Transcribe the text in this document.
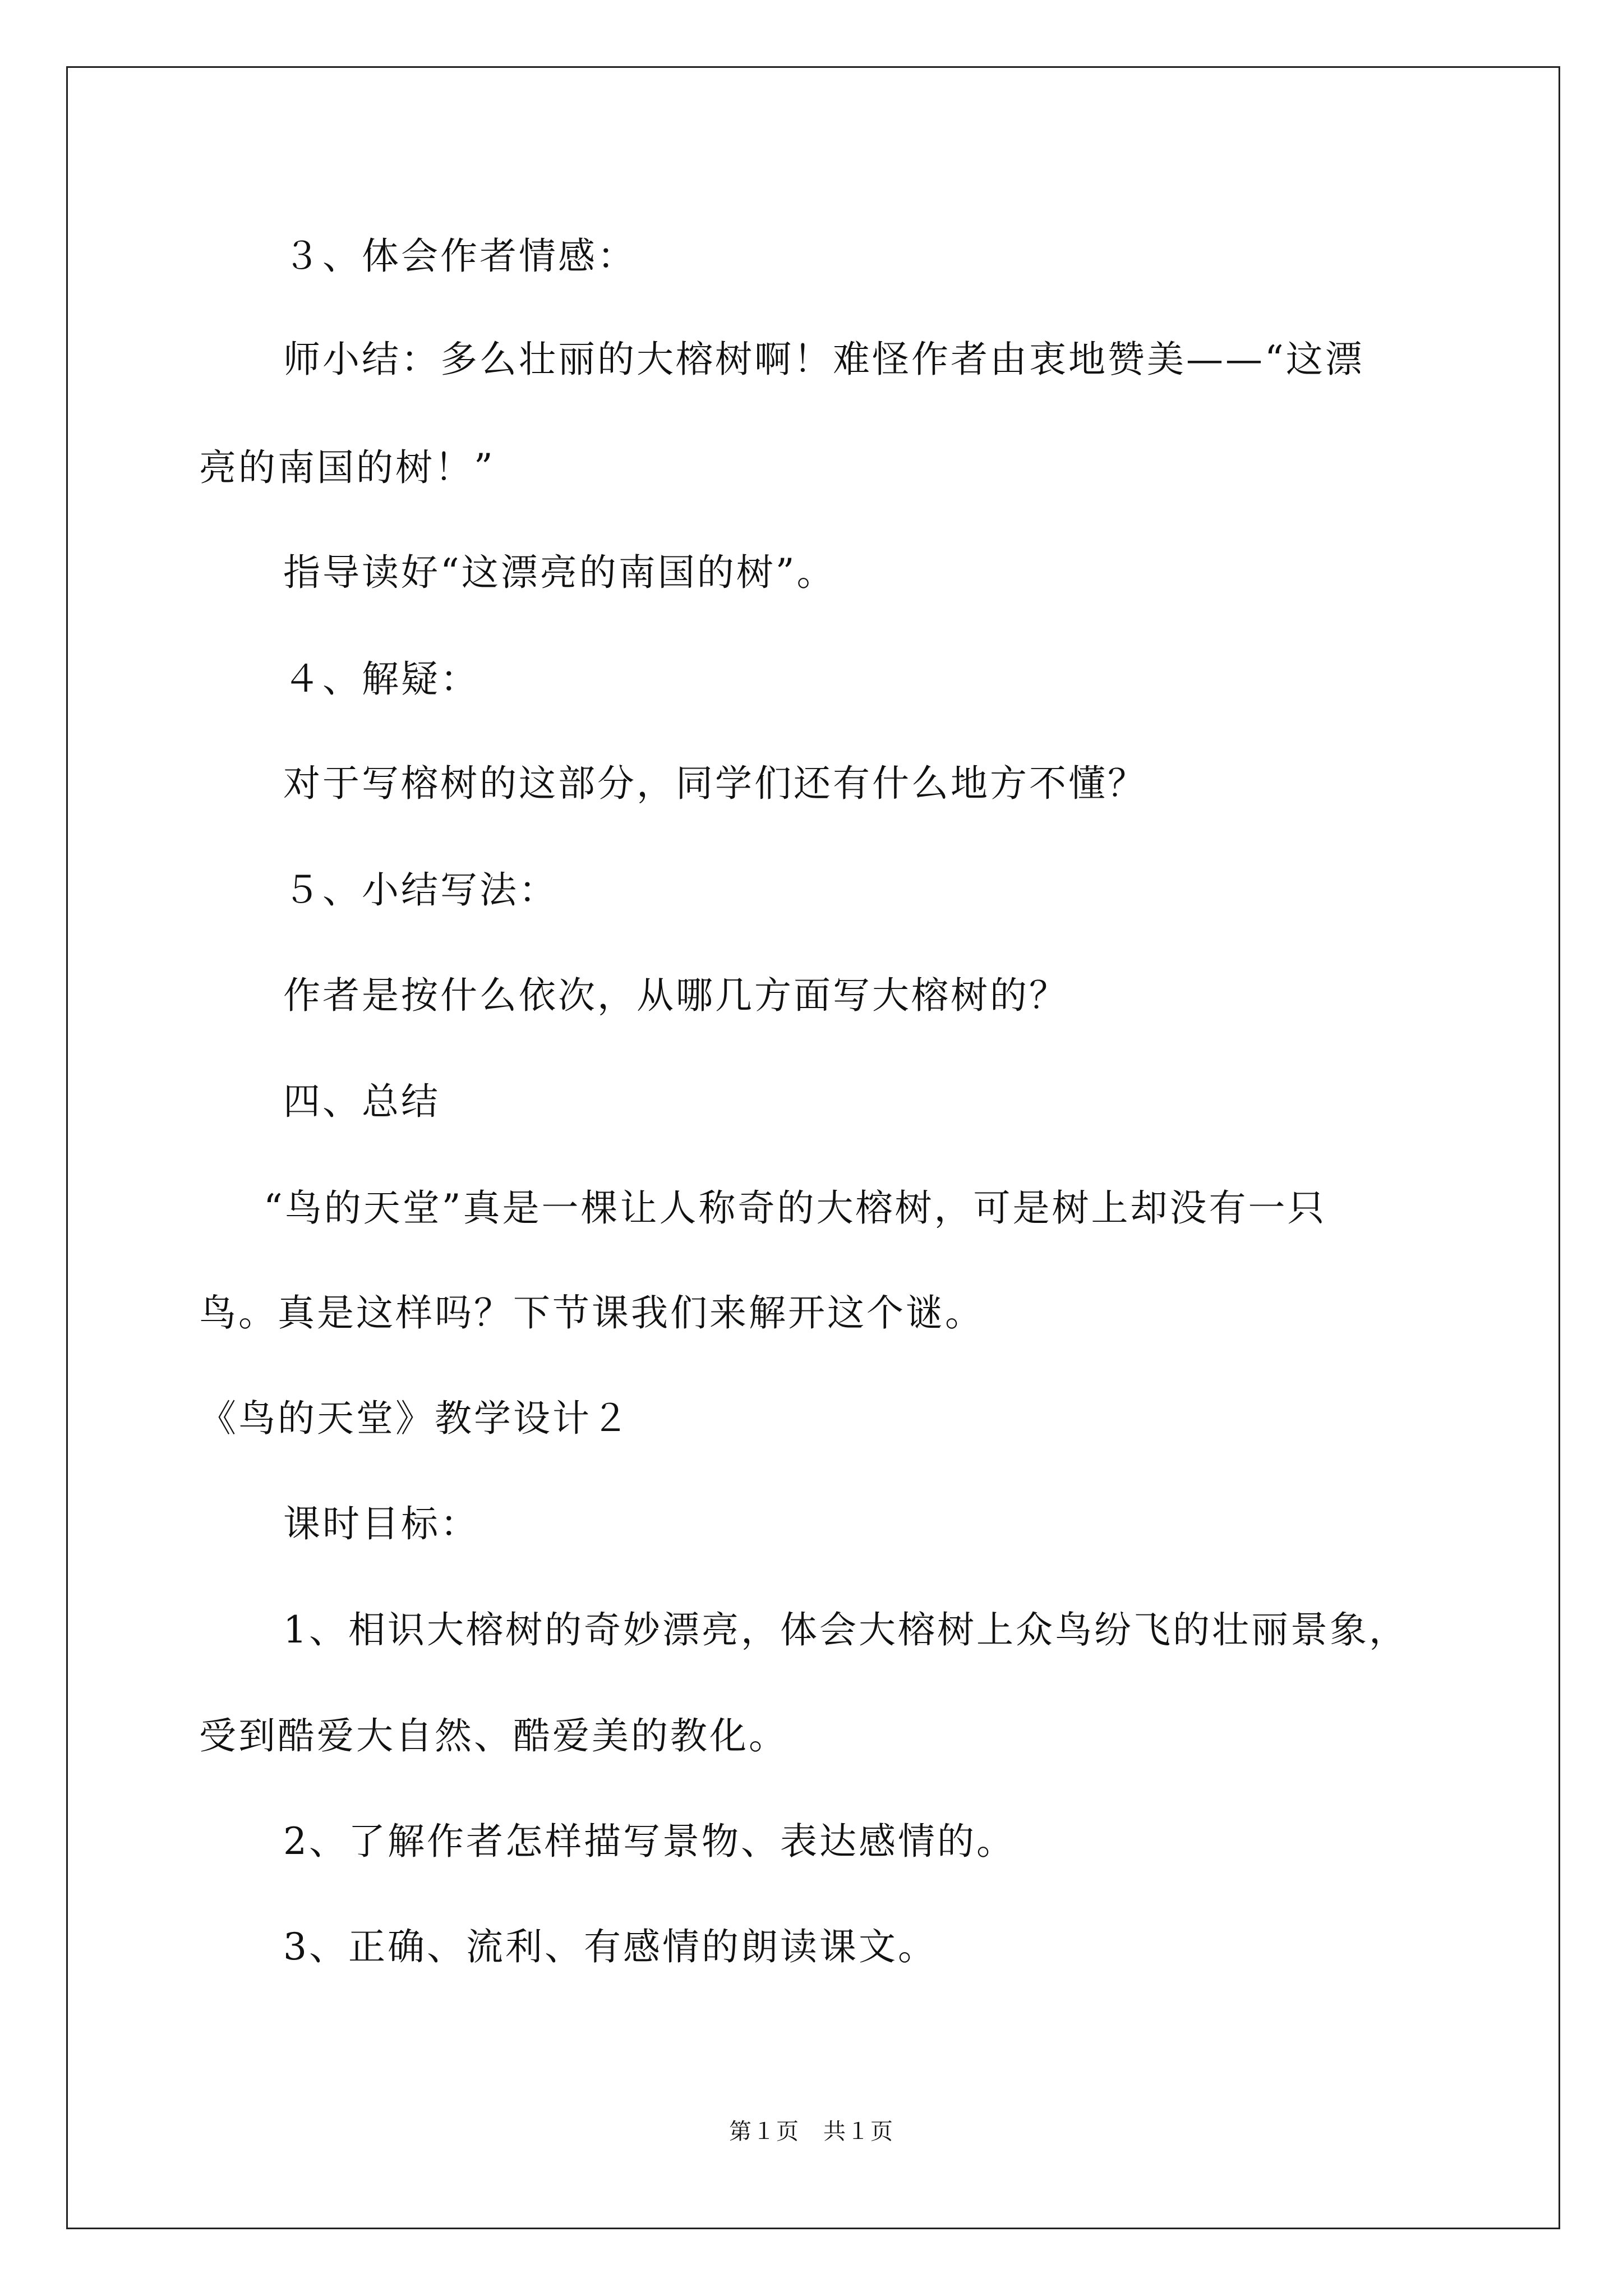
３、体会作者情感：
师小结：多么壮丽的大榕树啊！难怪作者由衷地赞美——“这漂
亮的南国的树！”
指导读好“这漂亮的南国的树”。
４、解疑：
对于写榕树的这部分，同学们还有什么地方不懂？
５、小结写法：
作者是按什么依次，从哪几方面写大榕树的？
四、总结
“鸟的天堂”真是一棵让人称奇的大榕树，可是树上却没有一只
鸟。真是这样吗？下节课我们来解开这个谜。
《鸟的天堂》教学设计２
课时目标：
1、相识大榕树的奇妙漂亮，体会大榕树上众鸟纷飞的壮丽景象，
受到酷爱大自然、酷爱美的教化。
2、了解作者怎样描写景物、表达感情的。
3、正确、流利、有感情的朗读课文。
第１页　共１页
